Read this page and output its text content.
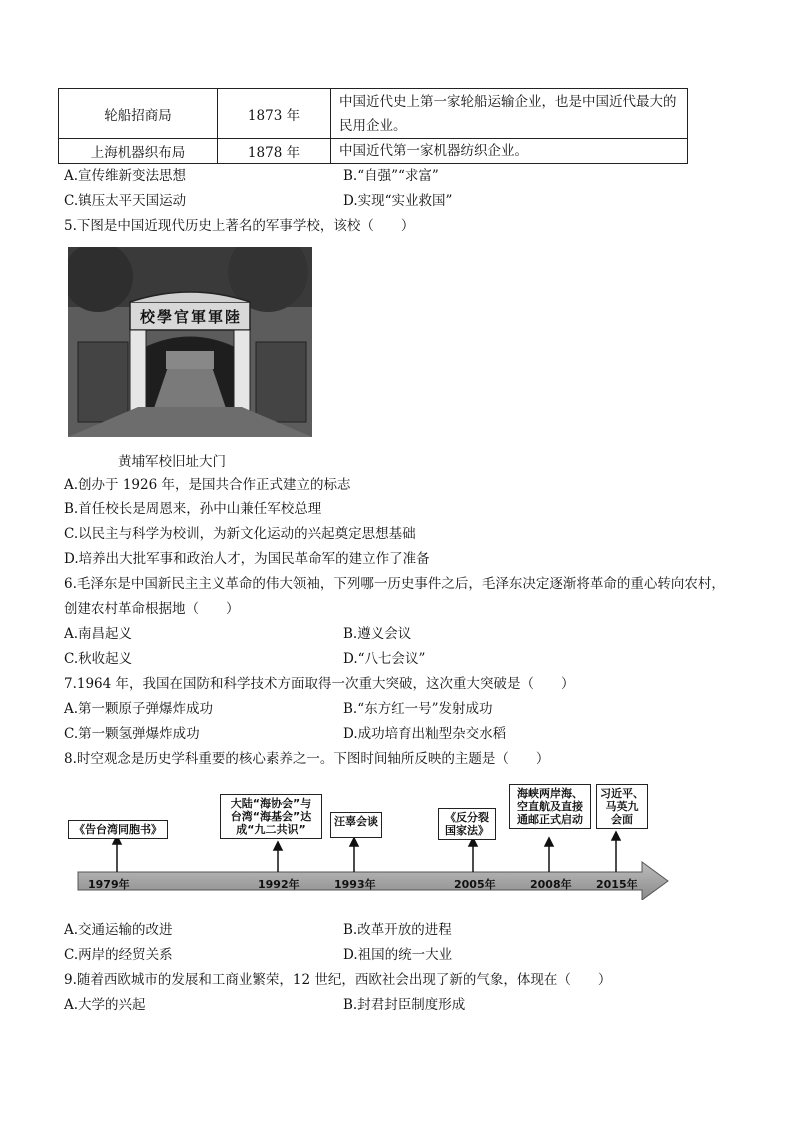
轮船招商局	1873 年	中国近代史上第一家轮船运输企业，也是中国近代最大的
民用企业。

上海机器织布局	1878 年	中国近代第一家机器纺织企业。
A.宣传维新变法思想	B.“自强”“求富”
C.镇压太平天国运动	D.实现“实业救国”
5.下图是中国近现代历史上著名的军事学校，该校（　　）
校學官軍軍陸
黄埔军校旧址大门
A.创办于 1926 年，是国共合作正式建立的标志
B.首任校长是周恩来，孙中山兼任军校总理
C.以民主与科学为校训，为新文化运动的兴起奠定思想基础
D.培养出大批军事和政治人才，为国民革命军的建立作了准备
6.毛泽东是中国新民主主义革命的伟大领袖，下列哪一历史事件之后，毛泽东决定逐渐将革命的重心转向农村，
创建农村革命根据地（　　）
A.南昌起义	B.遵义会议
C.秋收起义	D.“八七会议”
7.1964 年，我国在国防和科学技术方面取得一次重大突破，这次重大突破是（　　）
A.第一颗原子弹爆炸成功	B.“东方红一号”发射成功
C.第一颗氢弹爆炸成功	D.成功培育出籼型杂交水稻
8.时空观念是历史学科重要的核心素养之一。下图时间轴所反映的主题是（　　）
《告台湾同胞书》
大陆“海协会”与
台湾“海基会”达
成“九二共识”
汪辜会谈	《反分裂
国家法》
海峡两岸海、
空直航及直接
通邮正式启动
习近平、
马英九
会面
1979年	1992年	1993年	2005年	2008年 2015年
A.交通运输的改进	B.改革开放的进程
C.两岸的经贸关系	D.祖国的统一大业
9.随着西欧城市的发展和工商业繁荣，12 世纪，西欧社会出现了新的气象，体现在（　　）
A.大学的兴起	B.封君封臣制度形成
